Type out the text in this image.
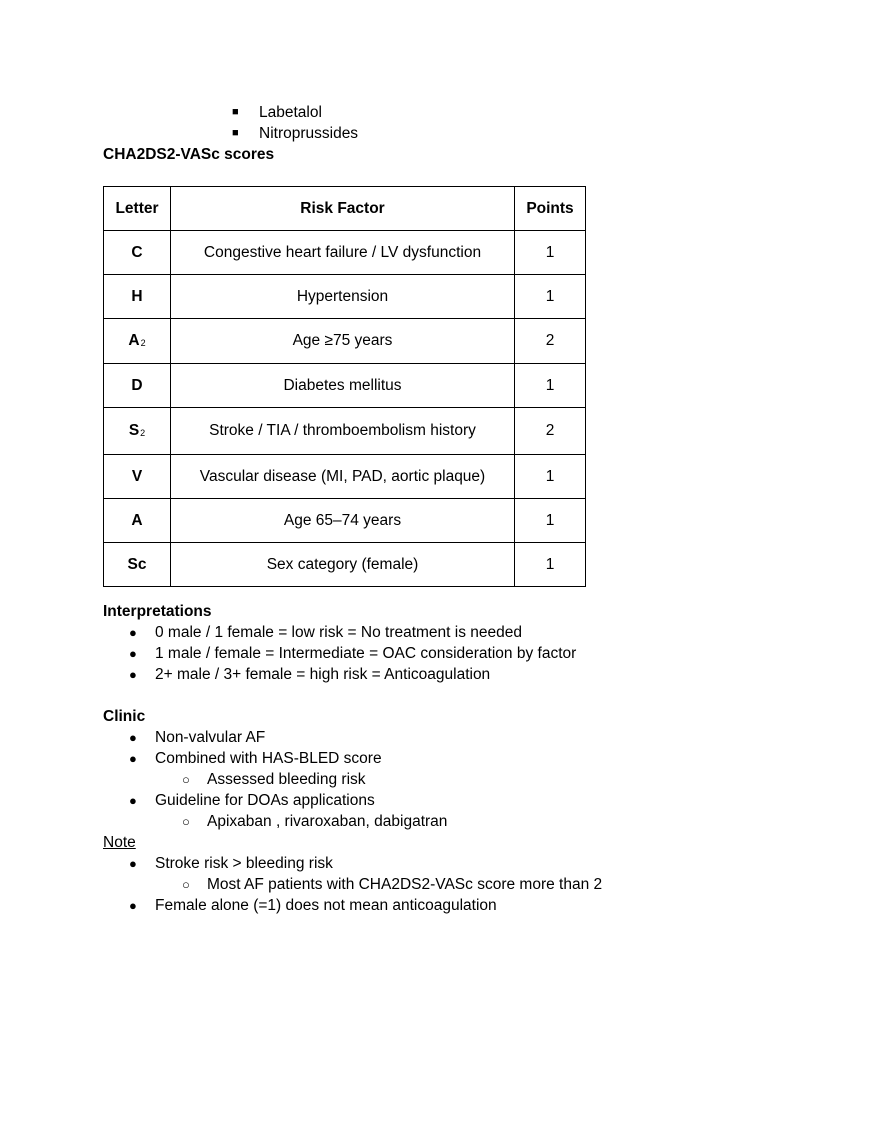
■ Labetalol
■ Nitroprussides
CHA2DS2-VASc scores
Letter	Risk Factor	Points
C	Congestive heart failure / LV dysfunction	1
H	Hypertension	1
A2	Age ≥75 years	2
D	Diabetes mellitus	1
S2	Stroke / TIA / thromboembolism history	2
V	Vascular disease (MI, PAD, aortic plaque)	1
A	Age 65–74 years	1
Sc	Sex category (female)	1
Interpretations
● 0 male / 1 female = low risk = No treatment is needed
● 1 male / female = Intermediate = OAC consideration by factor
● 2+ male / 3+ female = high risk = Anticoagulation
Clinic
● Non-valvular AF
● Combined with HAS-BLED score
○ Assessed bleeding risk
● Guideline for DOAs applications
○ Apixaban , rivaroxaban, dabigatran
Note
● Stroke risk > bleeding risk
○ Most AF patients with CHA2DS2-VASc score more than 2
● Female alone (=1) does not mean anticoagulation
